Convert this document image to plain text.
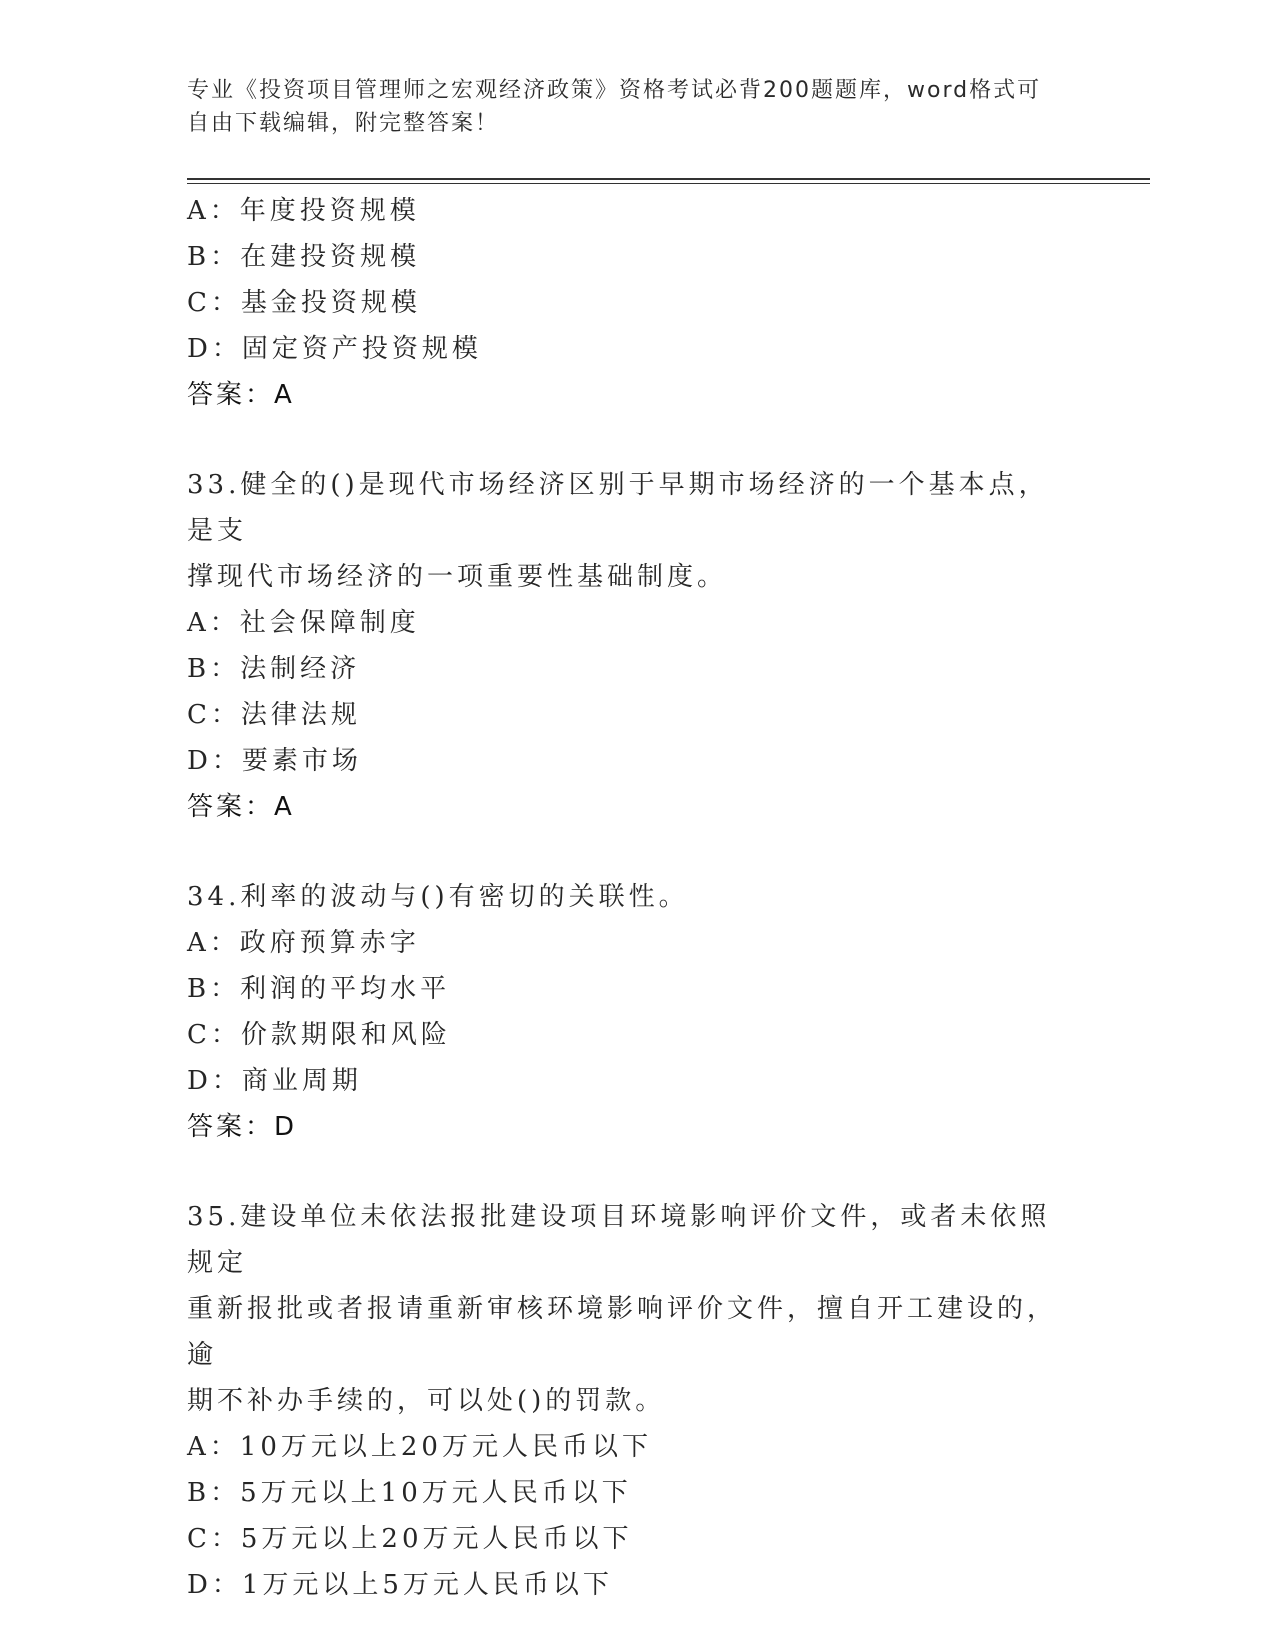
专业《投资项目管理师之宏观经济政策》资格考试必背200题题库，word格式可
自由下载编辑，附完整答案！
A：年度投资规模
B：在建投资规模
C：基金投资规模
D：固定资产投资规模
答案：A
33.健全的()是现代市场经济区别于早期市场经济的一个基本点，是支
撑现代市场经济的一项重要性基础制度。
A：社会保障制度
B：法制经济
C：法律法规
D：要素市场
答案：A
34.利率的波动与()有密切的关联性。
A：政府预算赤字
B：利润的平均水平
C：价款期限和风险
D：商业周期
答案：D
35.建设单位未依法报批建设项目环境影响评价文件，或者未依照规定
重新报批或者报请重新审核环境影响评价文件，擅自开工建设的，逾
期不补办手续的，可以处()的罚款。
A：10万元以上20万元人民币以下
B：5万元以上10万元人民币以下
C：5万元以上20万元人民币以下
D：1万元以上5万元人民币以下
